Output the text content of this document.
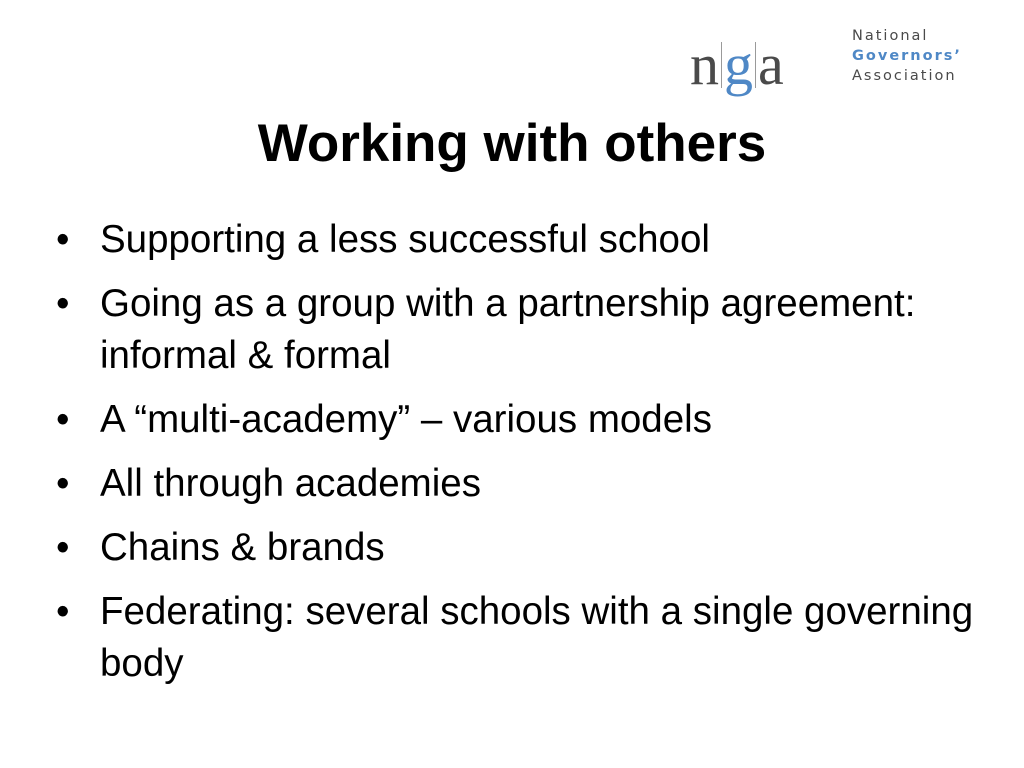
n g a	National
Governors’
Association
Working with others
• Supporting a less successful school
• Going as a group with a partnership agreement: informal & formal
• A “multi-academy” – various models
• All through academies
• Chains & brands
• Federating: several schools with a single governing body
